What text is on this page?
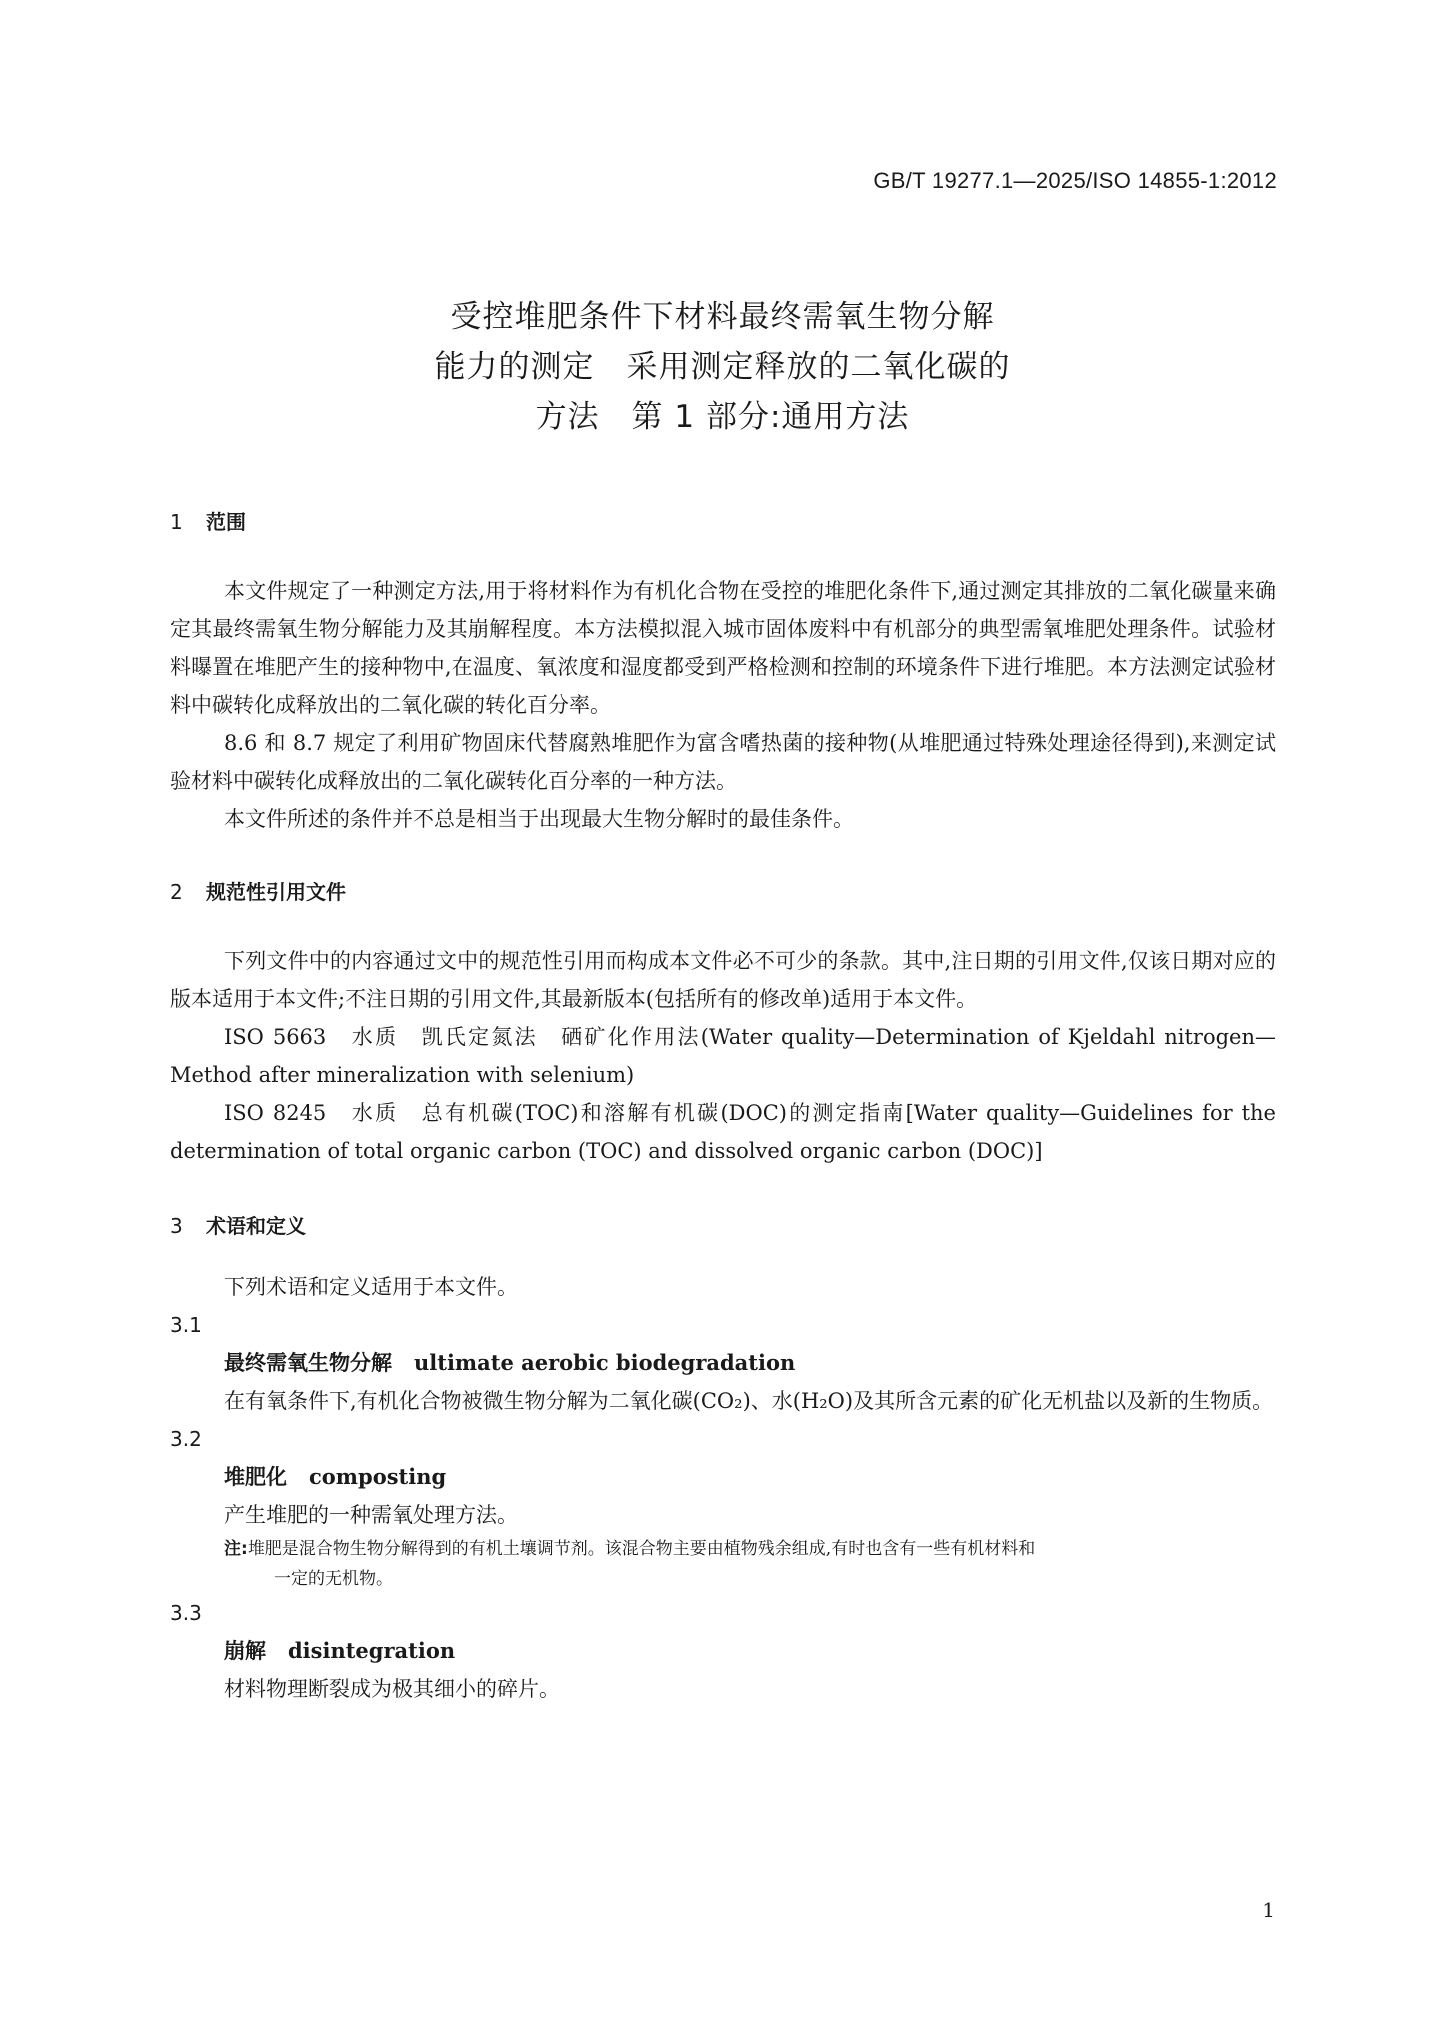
GB/T 19277.1—2025/ISO 14855-1:2012
受控堆肥条件下材料最终需氧生物分解
能力的测定　采用测定释放的二氧化碳的
方法　第 1 部分:通用方法
1 范围

本文件规定了一种测定方法,用于将材料作为有机化合物在受控的堆肥化条件下,通过测定其排放的二氧化碳量来确定其最终需氧生物分解能力及其崩解程度。本方法模拟混入城市固体废料中有机部分的典型需氧堆肥处理条件。试验材料曝置在堆肥产生的接种物中,在温度、氧浓度和湿度都受到严格检测和控制的环境条件下进行堆肥。本方法测定试验材料中碳转化成释放出的二氧化碳的转化百分率。

8.6 和 8.7 规定了利用矿物固床代替腐熟堆肥作为富含嗜热菌的接种物(从堆肥通过特殊处理途径得到),来测定试验材料中碳转化成释放出的二氧化碳转化百分率的一种方法。

本文件所述的条件并不总是相当于出现最大生物分解时的最佳条件。

2 规范性引用文件

下列文件中的内容通过文中的规范性引用而构成本文件必不可少的条款。其中,注日期的引用文件,仅该日期对应的版本适用于本文件;不注日期的引用文件,其最新版本(包括所有的修改单)适用于本文件。

ISO 5663　水质　凯氏定氮法　硒矿化作用法(Water quality—Determination of Kjeldahl nitrogen—Method after mineralization with selenium)

ISO 8245　水质　总有机碳(TOC)和溶解有机碳(DOC)的测定指南[Water quality—Guidelines for the determination of total organic carbon (TOC) and dissolved organic carbon (DOC)]

3 术语和定义

下列术语和定义适用于本文件。

3.1
最终需氧生物分解 ultimate aerobic biodegradation

在有氧条件下,有机化合物被微生物分解为二氧化碳(CO₂)、水(H₂O)及其所含元素的矿化无机盐以及新的生物质。

3.2
堆肥化 composting

产生堆肥的一种需氧处理方法。

注:堆肥是混合物生物分解得到的有机土壤调节剂。该混合物主要由植物残余组成,有时也含有一些有机材料和
一定的无机物。
3.3
崩解 disintegration

材料物理断裂成为极其细小的碎片。

1
